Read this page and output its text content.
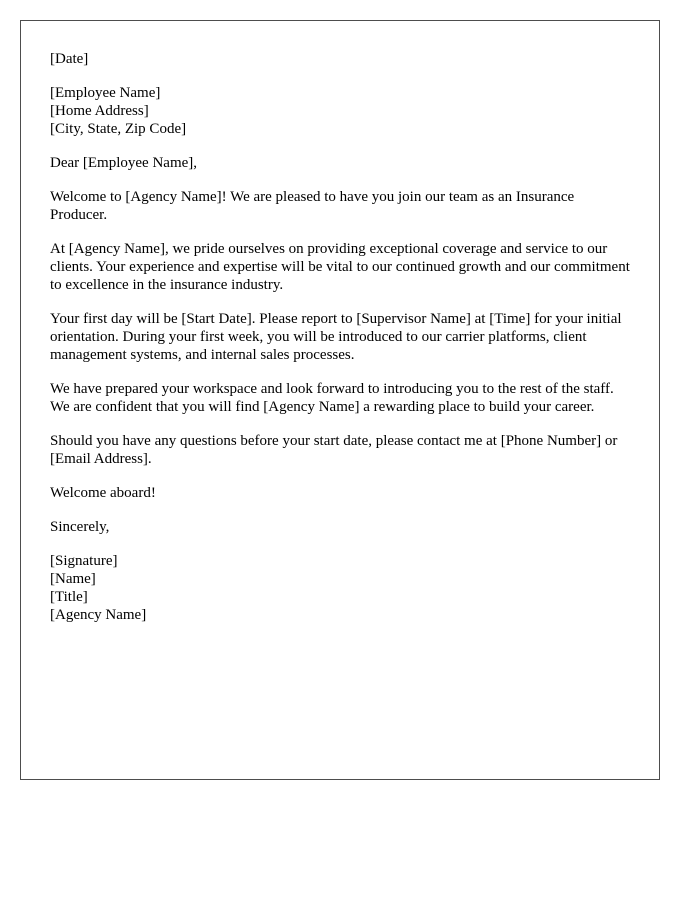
[Date]
[Employee Name]
[Home Address]
[City, State, Zip Code]
Dear [Employee Name],

Welcome to [Agency Name]! We are pleased to have you join our team as an Insurance Producer.

At [Agency Name], we pride ourselves on providing exceptional coverage and service to our clients. Your experience and expertise will be vital to our continued growth and our commitment to excellence in the insurance industry.

Your first day will be [Start Date]. Please report to [Supervisor Name] at [Time] for your initial orientation. During your first week, you will be introduced to our carrier platforms, client management systems, and internal sales processes.

We have prepared your workspace and look forward to introducing you to the rest of the staff. We are confident that you will find [Agency Name] a rewarding place to build your career.

Should you have any questions before your start date, please contact me at [Phone Number] or [Email Address].

Welcome aboard!
Sincerely,
[Signature]
[Name]
[Title]
[Agency Name]
